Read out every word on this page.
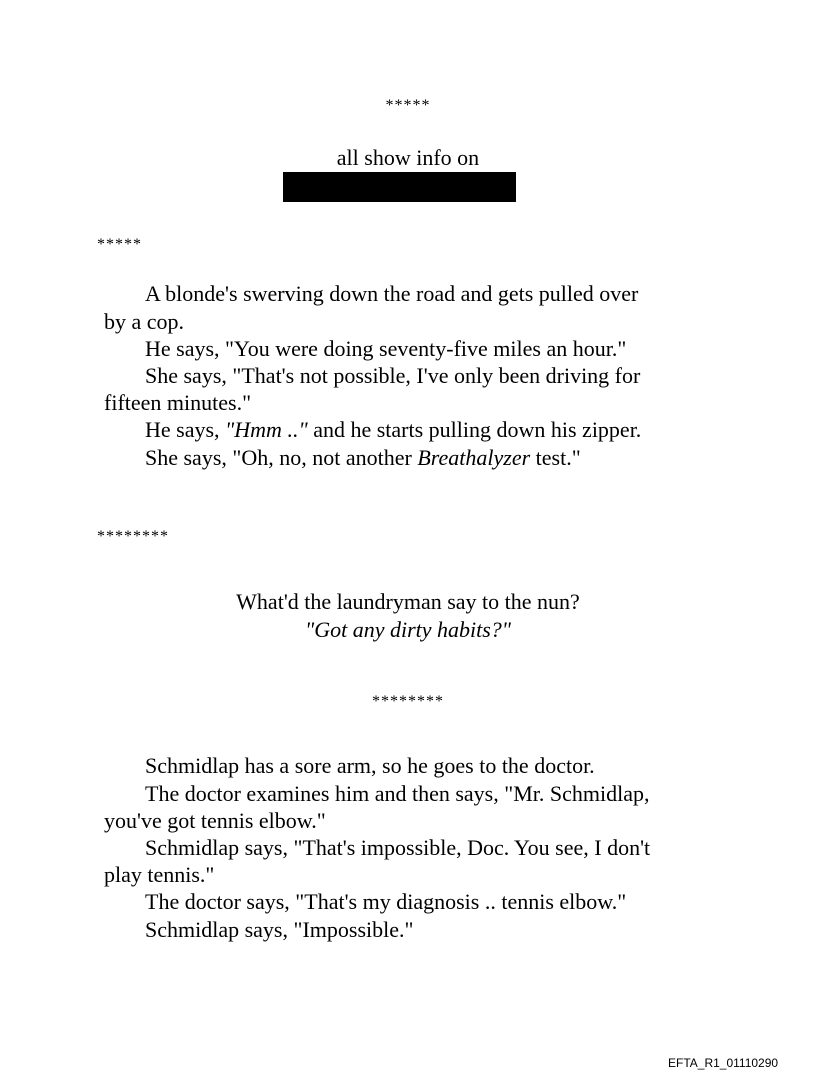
*****
all show info on
*****
A blonde's swerving down the road and gets pulled over
by a cop.
He says, "You were doing seventy-five miles an hour."
She says, "That's not possible, I've only been driving for
fifteen minutes."
He says, "Hmm .." and he starts pulling down his zipper.
She says, "Oh, no, not another Breathalyzer test."
********
What'd the laundryman say to the nun?
"Got any dirty habits?"
********
Schmidlap has a sore arm, so he goes to the doctor.
The doctor examines him and then says, "Mr. Schmidlap,
you've got tennis elbow."
Schmidlap says, "That's impossible, Doc. You see, I don't
play tennis."
The doctor says, "That's my diagnosis .. tennis elbow."
Schmidlap says, "Impossible."
EFTA_R1_01110290
